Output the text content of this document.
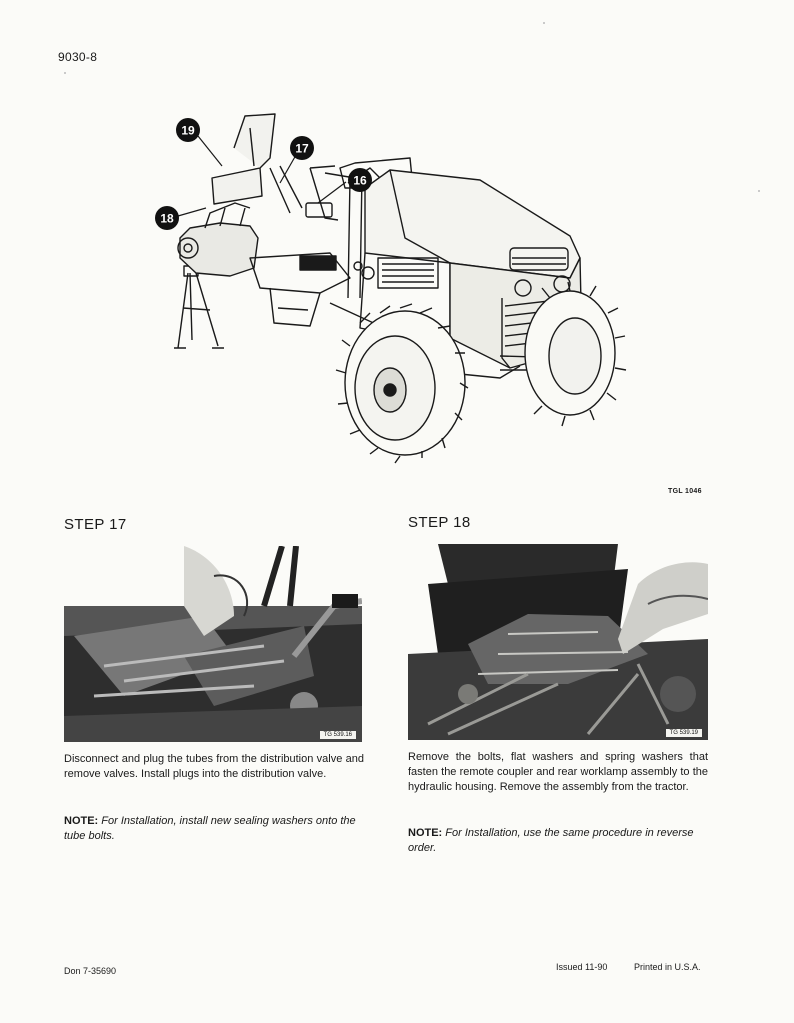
9030-8
19
17
16
18
TGL 1046
STEP 17
TG 539.16
Disconnect and plug the tubes from the distribution valve and remove valves. Install plugs into the distribution valve.
NOTE: For Installation, install new sealing washers onto the tube bolts.
STEP 18
TG 539.19
Remove the bolts, flat washers and spring washers that fasten the remote coupler and rear worklamp assembly to the hydraulic housing. Remove the assembly from the tractor.
NOTE: For Installation, use the same procedure in reverse order.
Don 7-35690	Issued 11-90	Printed in U.S.A.
